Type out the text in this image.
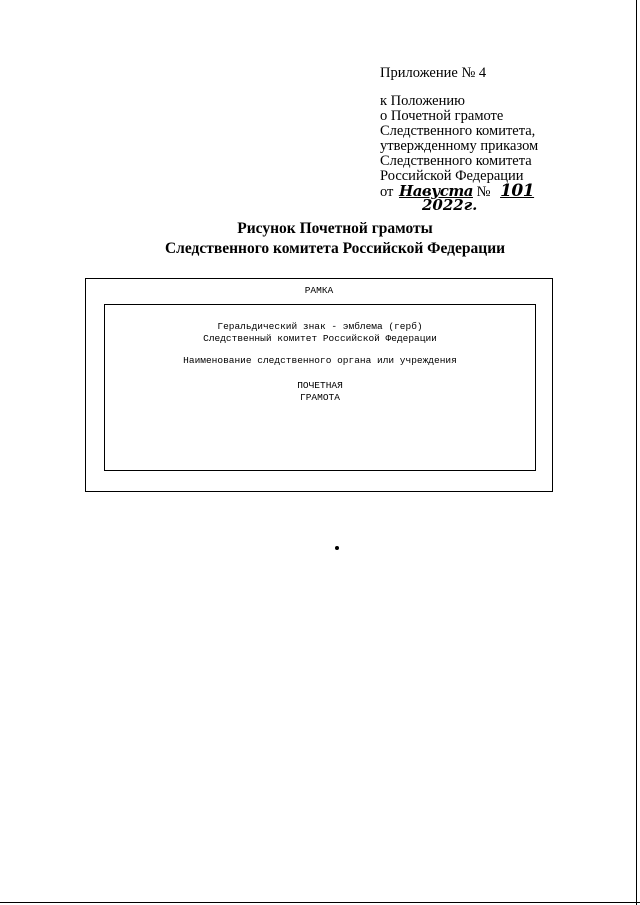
Приложение № 4
к Положению
о Почетной грамоте
Следственного комитета,
утвержденному приказом
Следственного комитета
Российской Федерации
от Навуста № 101
2022г.
Рисунок Почетной грамоты
Следственного комитета Российской Федерации
РАМКА
Геральдический знак - эмблема (герб)
Следственный комитет Российской Федерации
Наименование следственного органа или учреждения
ПОЧЕТНАЯ
ГРАМОТА
